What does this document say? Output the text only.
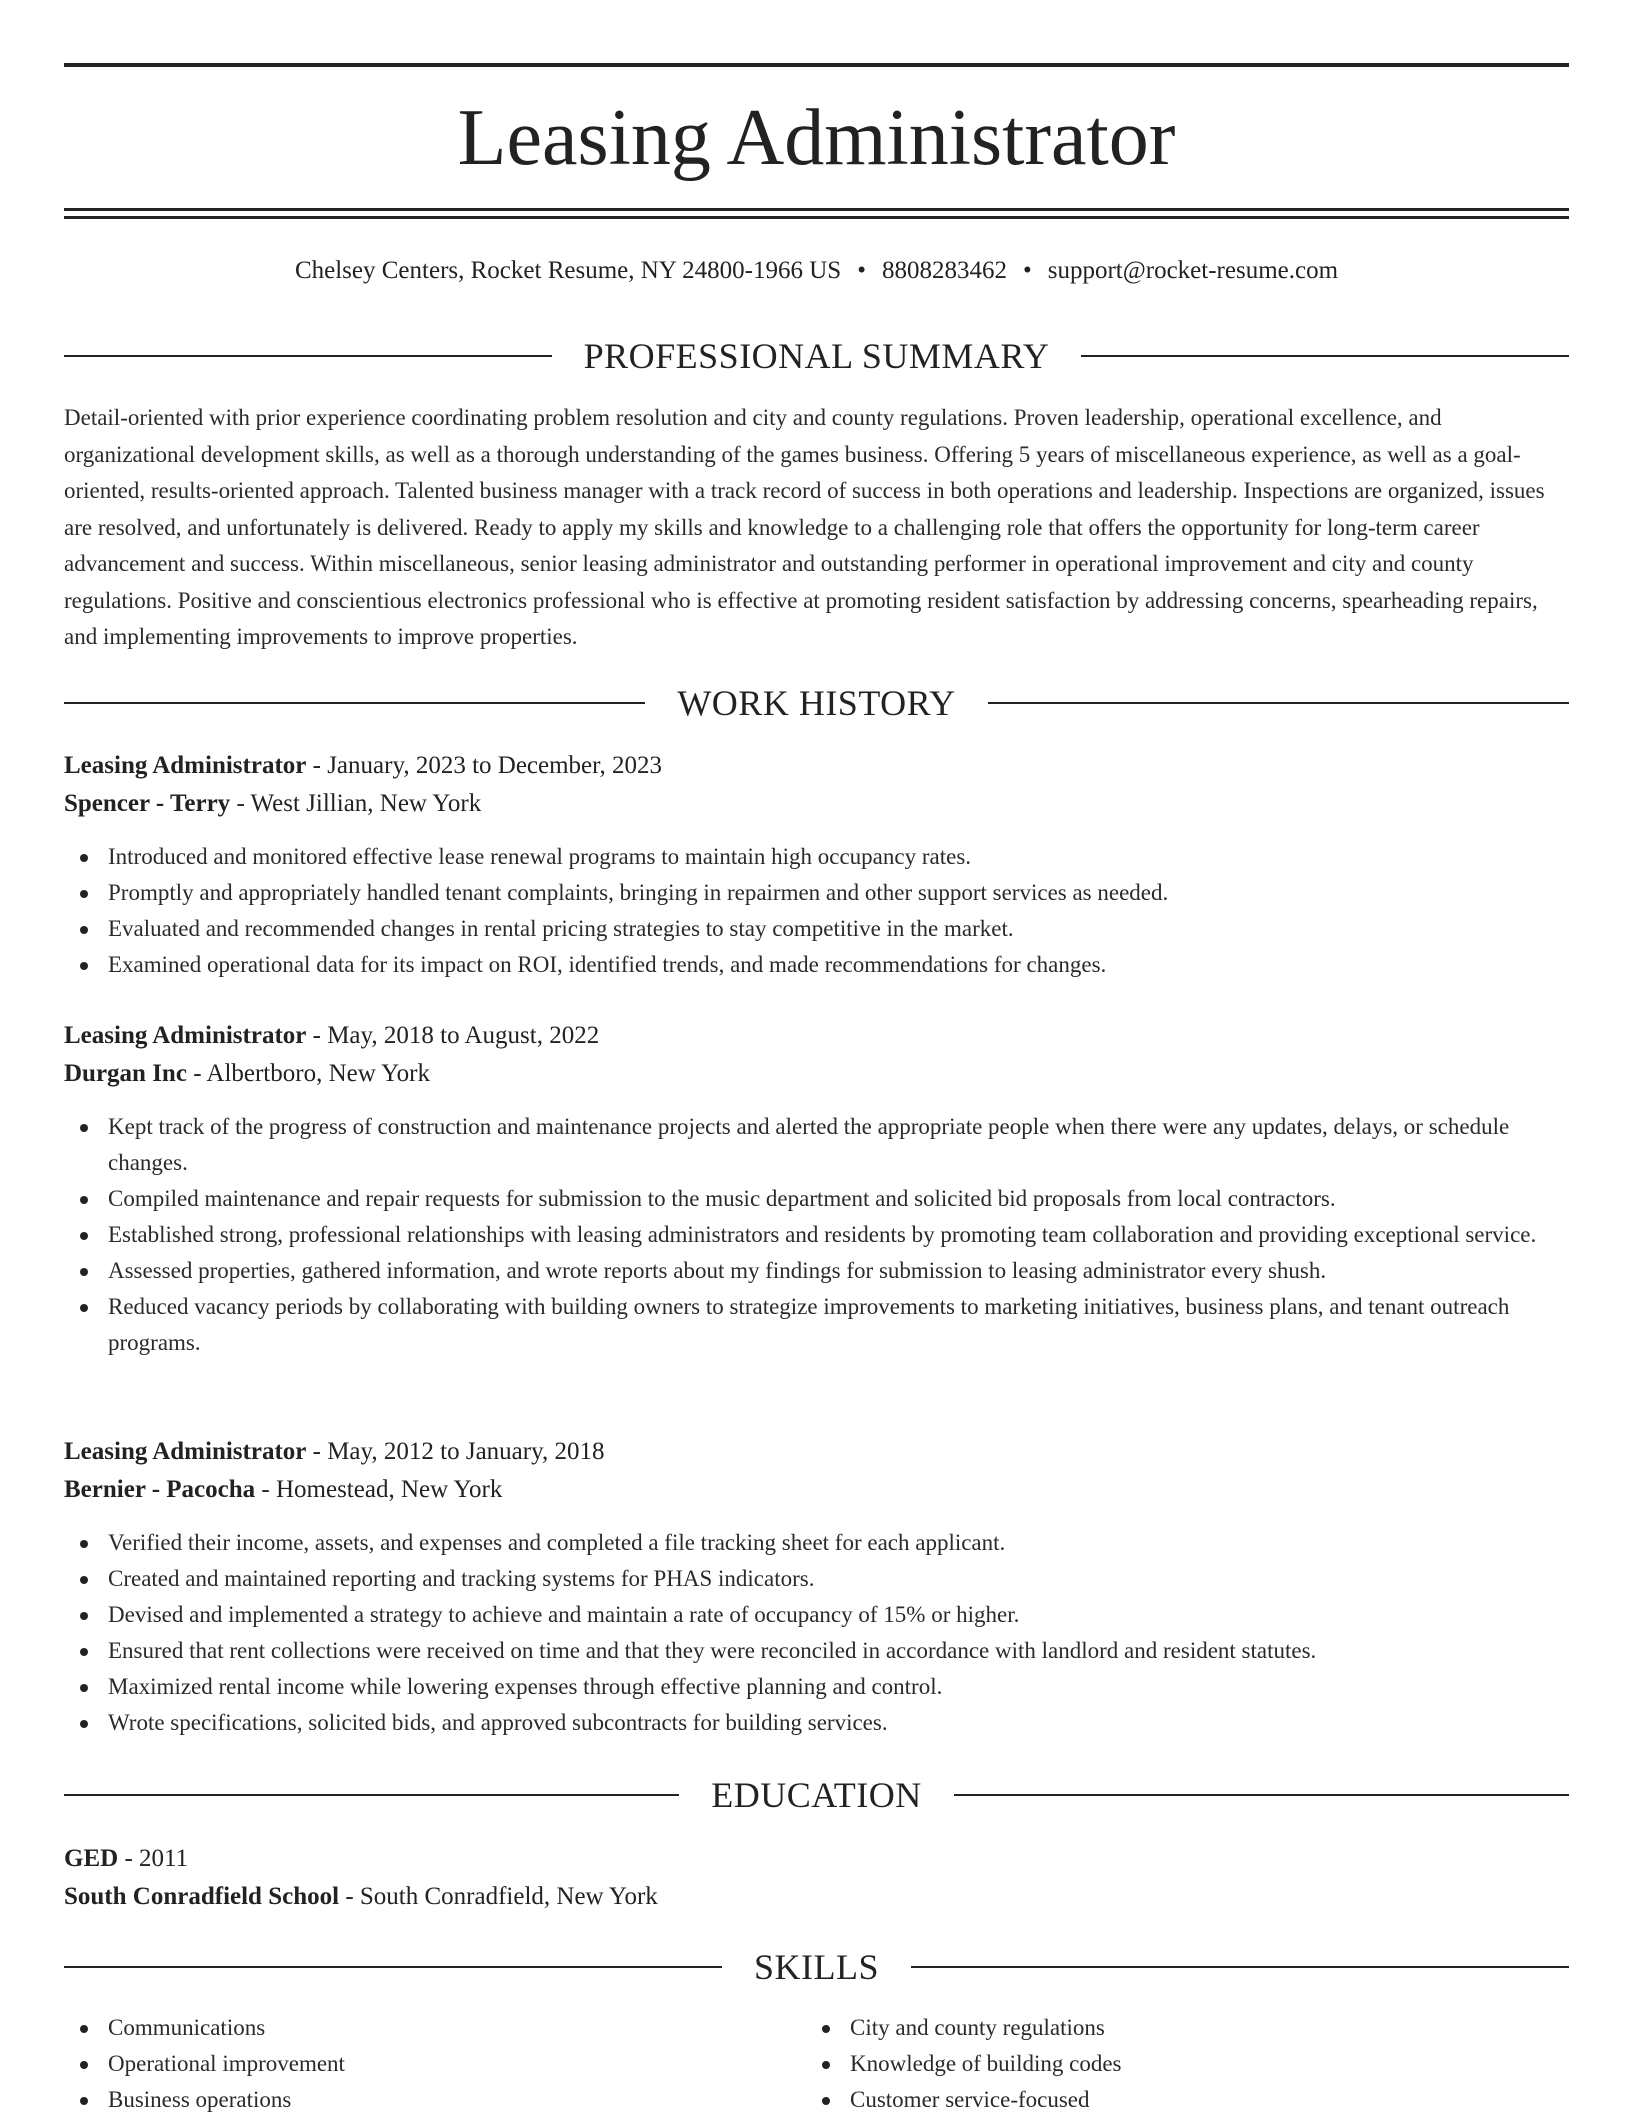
Leasing Administrator
Chelsey Centers, Rocket Resume, NY 24800-1966 US • 8808283462 • support@rocket-resume.com
PROFESSIONAL SUMMARY

Detail-oriented with prior experience coordinating problem resolution and city and county regulations. Proven leadership, operational excellence, and organizational development skills, as well as a thorough understanding of the games business. Offering 5 years of miscellaneous experience, as well as a goal-oriented, results-oriented approach. Talented business manager with a track record of success in both operations and leadership. Inspections are organized, issues are resolved, and unfortunately is delivered. Ready to apply my skills and knowledge to a challenging role that offers the opportunity for long-term career advancement and success. Within miscellaneous, senior leasing administrator and outstanding performer in operational improvement and city and county regulations. Positive and conscientious electronics professional who is effective at promoting resident satisfaction by addressing concerns, spearheading repairs, and implementing improvements to improve properties.

WORK HISTORY
Leasing Administrator - January, 2023 to December, 2023
Spencer - Terry - West Jillian, New York
Introduced and monitored effective lease renewal programs to maintain high occupancy rates.
Promptly and appropriately handled tenant complaints, bringing in repairmen and other support services as needed.
Evaluated and recommended changes in rental pricing strategies to stay competitive in the market.
Examined operational data for its impact on ROI, identified trends, and made recommendations for changes.
Leasing Administrator - May, 2018 to August, 2022
Durgan Inc - Albertboro, New York
Kept track of the progress of construction and maintenance projects and alerted the appropriate people when there were any updates, delays, or schedule changes.
Compiled maintenance and repair requests for submission to the music department and solicited bid proposals from local contractors.
Established strong, professional relationships with leasing administrators and residents by promoting team collaboration and providing exceptional service.
Assessed properties, gathered information, and wrote reports about my findings for submission to leasing administrator every shush.
Reduced vacancy periods by collaborating with building owners to strategize improvements to marketing initiatives, business plans, and tenant outreach programs.
Leasing Administrator - May, 2012 to January, 2018
Bernier - Pacocha - Homestead, New York
Verified their income, assets, and expenses and completed a file tracking sheet for each applicant.
Created and maintained reporting and tracking systems for PHAS indicators.
Devised and implemented a strategy to achieve and maintain a rate of occupancy of 15% or higher.
Ensured that rent collections were received on time and that they were reconciled in accordance with landlord and resident statutes.
Maximized rental income while lowering expenses through effective planning and control.
Wrote specifications, solicited bids, and approved subcontracts for building services.
EDUCATION
GED - 2011
South Conradfield School - South Conradfield, New York
SKILLS
Communications
Operational improvement
Business operations
City and county regulations
Knowledge of building codes
Customer service-focused
